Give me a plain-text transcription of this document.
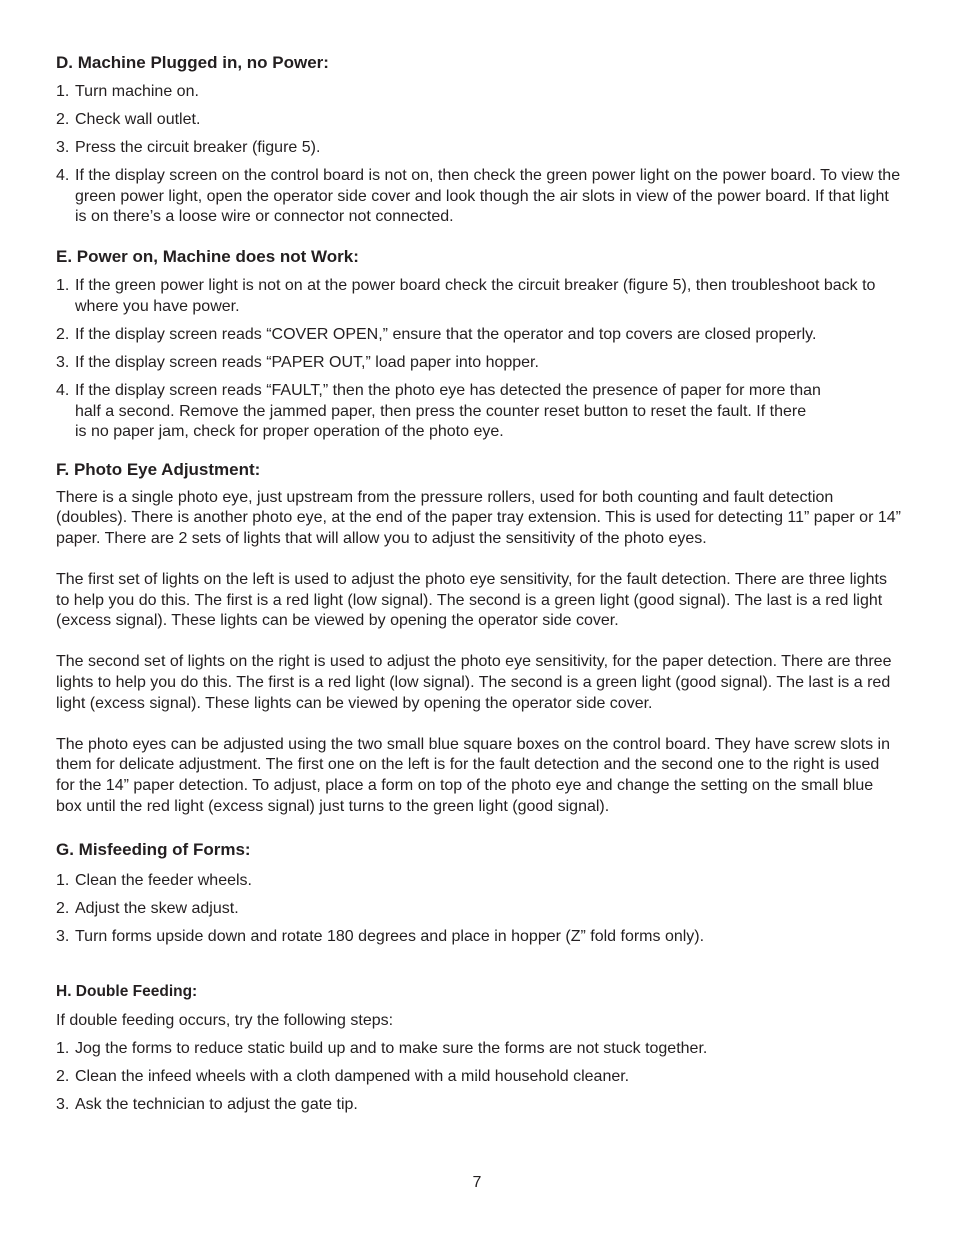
D. Machine Plugged in, no Power:
1. Turn machine on.
2. Check wall outlet.
3. Press the circuit breaker (figure 5).
4. If the display screen on the control board is not on, then check the green power light on the power board. To view the green power light, open the operator side cover and look though the air slots in view of the power board. If that light is on there’s a loose wire or connector not connected.
E. Power on, Machine does not Work:
1. If the green power light is not on at the power board check the circuit breaker (figure 5), then troubleshoot back to where you have power.
2. If the display screen reads “COVER OPEN,” ensure that the operator and top covers are closed properly.
3. If the display screen reads “PAPER OUT,” load paper into hopper.
4. If the display screen reads “FAULT,” then the photo eye has detected the presence of paper for more than half a second. Remove the jammed paper, then press the counter reset button to reset the fault. If there is no paper jam, check for proper operation of the photo eye.
F. Photo Eye Adjustment:

There is a single photo eye, just upstream from the pressure rollers, used for both counting and fault detection (doubles). There is another photo eye, at the end of the paper tray extension. This is used for detecting 11” paper or 14” paper. There are 2 sets of lights that will allow you to adjust the sensitivity of the photo eyes.

The first set of lights on the left is used to adjust the photo eye sensitivity, for the fault detection. There are three lights to help you do this. The first is a red light (low signal). The second is a green light (good signal). The last is a red light (excess signal). These lights can be viewed by opening the operator side cover.

The second set of lights on the right is used to adjust the photo eye sensitivity, for the paper detection. There are three lights to help you do this. The first is a red light (low signal). The second is a green light (good signal). The last is a red light (excess signal). These lights can be viewed by opening the operator side cover.

The photo eyes can be adjusted using the two small blue square boxes on the control board. They have screw slots in them for delicate adjustment. The first one on the left is for the fault detection and the second one to the right is used for the 14” paper detection. To adjust, place a form on top of the photo eye and change the setting on the small blue box until the red light (excess signal) just turns to the green light (good signal).

G. Misfeeding of Forms:
1. Clean the feeder wheels.
2. Adjust the skew adjust.
3. Turn forms upside down and rotate 180 degrees and place in hopper (Z” fold forms only).
H. Double Feeding:

If double feeding occurs, try the following steps:

1. Jog the forms to reduce static build up and to make sure the forms are not stuck together.
2. Clean the infeed wheels with a cloth dampened with a mild household cleaner.
3. Ask the technician to adjust the gate tip.
7
